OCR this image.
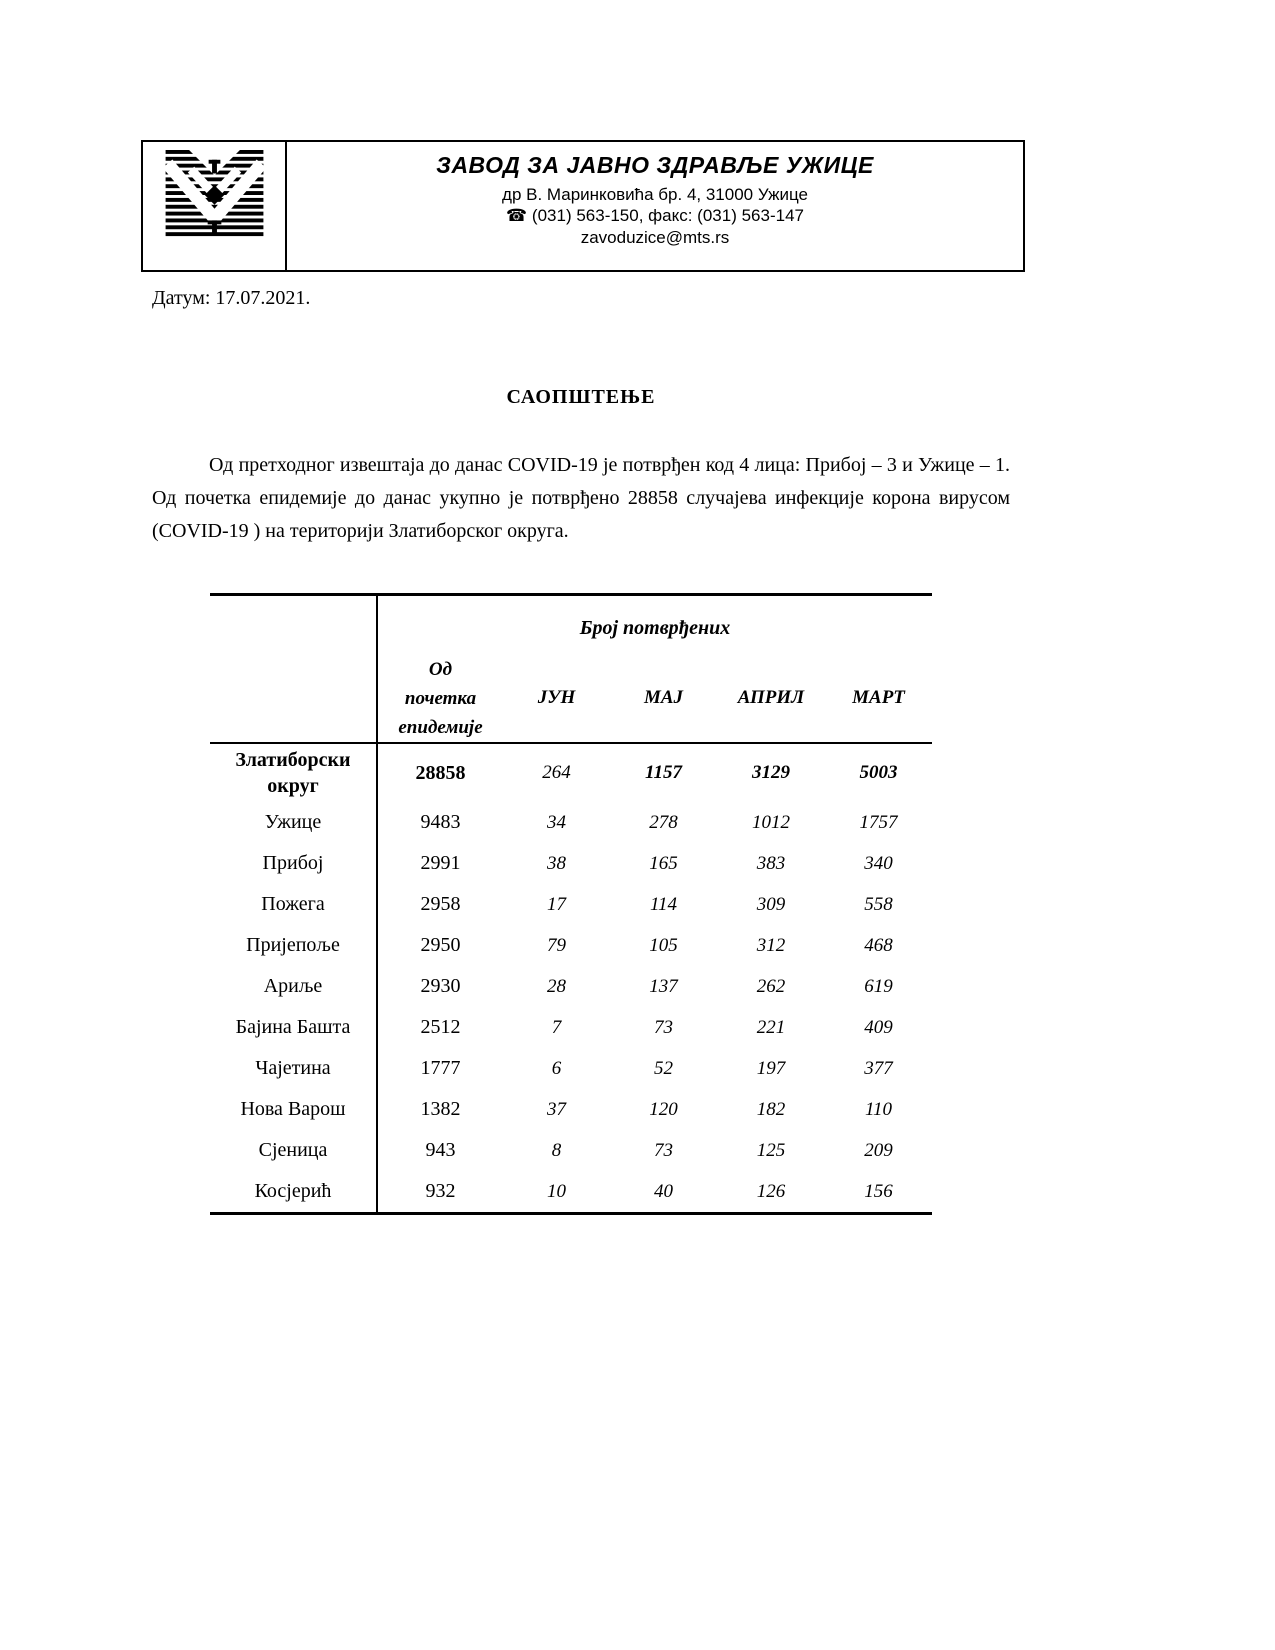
ЗАВОД ЗА ЈАВНО ЗДРАВЉЕ УЖИЦЕ
др В. Маринковића бр. 4, 31000 Ужице
☎ (031) 563-150, факс: (031) 563-147
zavoduzice@mts.rs
Датум: 17.07.2021.
САОПШТЕЊЕ
Од претходног извештаја до данас COVID-19 је потврђен код 4 лица: Прибој – 3 и Ужице – 1. Од почетка епидемије до данас укупно је потврђено 28858 случајева инфекције корона вирусом (COVID-19 ) на територији Златиборског округа.
	Број потврђених				
	Од почетка епидемије	ЈУН	МАЈ	АПРИЛ	МАРТ
Златиборски округ	28858	264	1157	3129	5003
Ужице	9483	34	278	1012	1757
Прибој	2991	38	165	383	340
Пожега	2958	17	114	309	558
Пријепоље	2950	79	105	312	468
Ариље	2930	28	137	262	619
Бајина Башта	2512	7	73	221	409
Чајетина	1777	6	52	197	377
Нова Варош	1382	37	120	182	110
Сјеница	943	8	73	125	209
Косјерић	932	10	40	126	156
